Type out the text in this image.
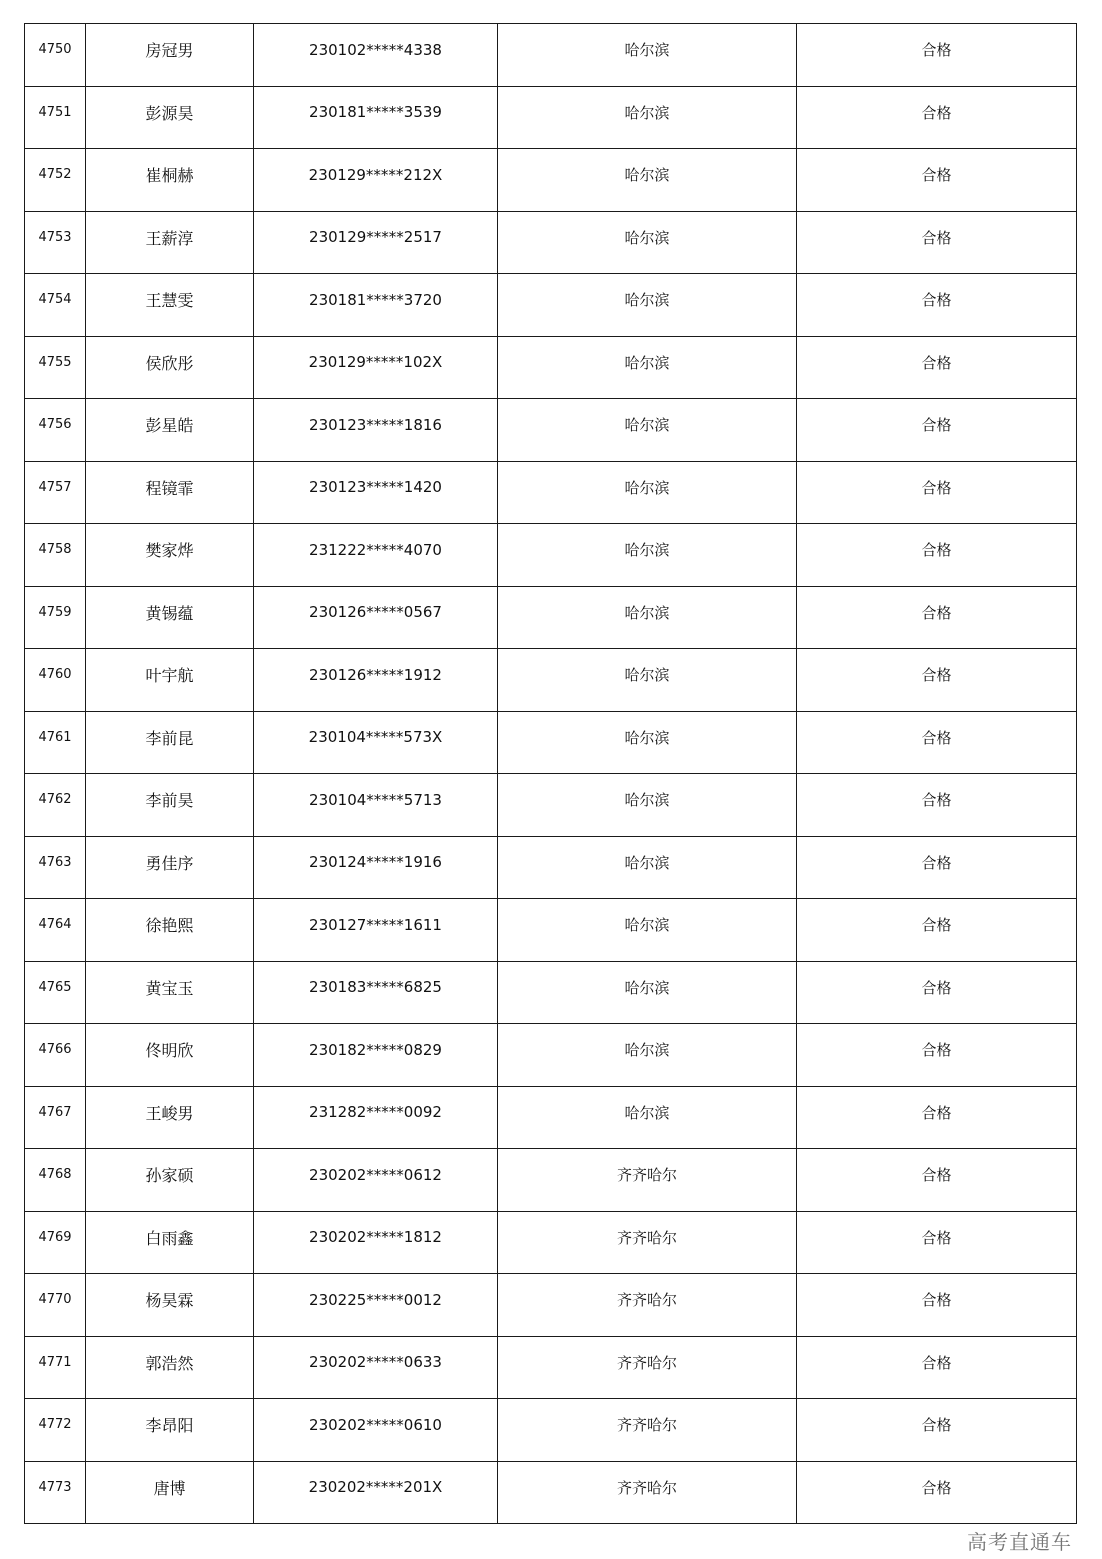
4750	房冠男	230102*****4338	哈尔滨	合格
4751	彭源昊	230181*****3539	哈尔滨	合格
4752	崔桐赫	230129*****212X	哈尔滨	合格
4753	王薪淳	230129*****2517	哈尔滨	合格
4754	王慧雯	230181*****3720	哈尔滨	合格
4755	侯欣彤	230129*****102X	哈尔滨	合格
4756	彭星皓	230123*****1816	哈尔滨	合格
4757	程镜霏	230123*****1420	哈尔滨	合格
4758	樊家烨	231222*****4070	哈尔滨	合格
4759	黄锡蕴	230126*****0567	哈尔滨	合格
4760	叶宇航	230126*****1912	哈尔滨	合格
4761	李前昆	230104*****573X	哈尔滨	合格
4762	李前昊	230104*****5713	哈尔滨	合格
4763	勇佳序	230124*****1916	哈尔滨	合格
4764	徐艳熙	230127*****1611	哈尔滨	合格
4765	黄宝玉	230183*****6825	哈尔滨	合格
4766	佟明欣	230182*****0829	哈尔滨	合格
4767	王峻男	231282*****0092	哈尔滨	合格
4768	孙家硕	230202*****0612	齐齐哈尔	合格
4769	白雨鑫	230202*****1812	齐齐哈尔	合格
4770	杨昊霖	230225*****0012	齐齐哈尔	合格
4771	郭浩然	230202*****0633	齐齐哈尔	合格
4772	李昂阳	230202*****0610	齐齐哈尔	合格
4773	唐博	230202*****201X	齐齐哈尔	合格
高考直通车
